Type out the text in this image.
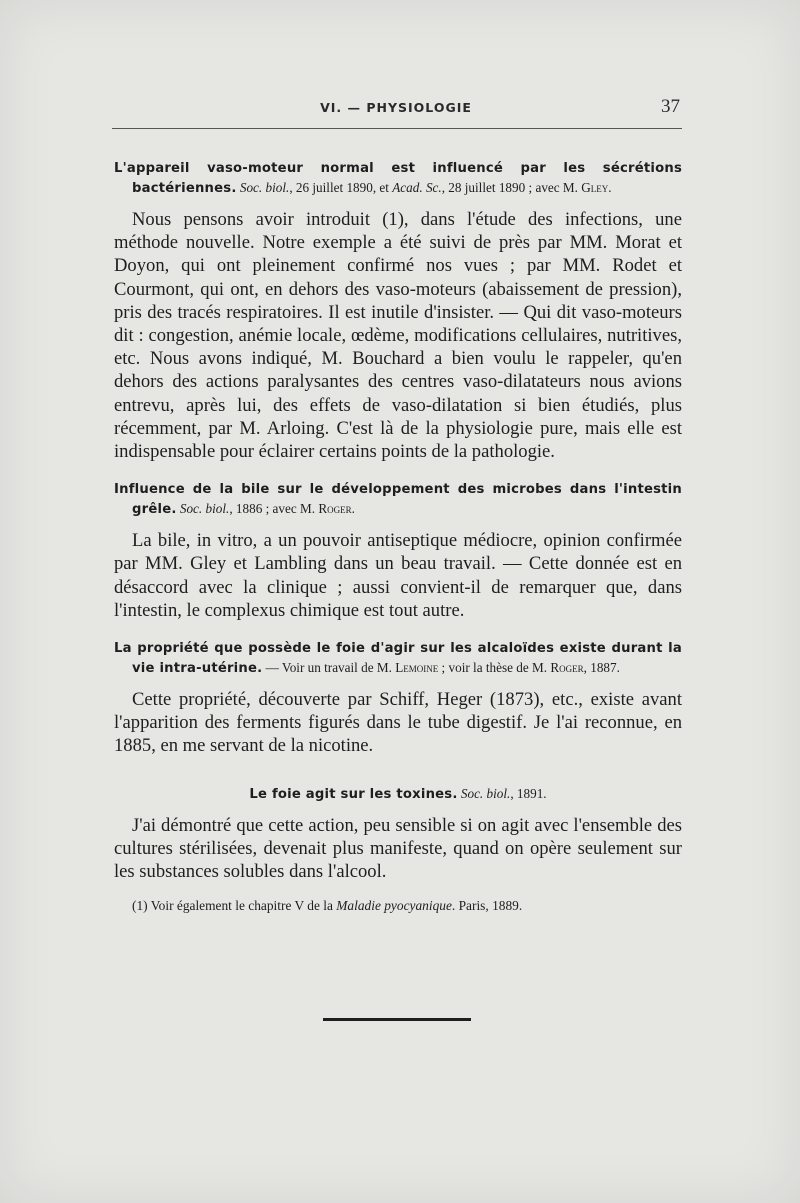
VI. — PHYSIOLOGIE	37

L'appareil vaso-moteur normal est influencé par les sécrétions bactériennes. Soc. biol., 26 juillet 1890, et Acad. Sc., 28 juillet 1890 ; avec M. Gley.

Nous pensons avoir introduit (1), dans l'étude des infections, une méthode nouvelle. Notre exemple a été suivi de près par MM. Morat et Doyon, qui ont pleinement confirmé nos vues ; par MM. Rodet et Courmont, qui ont, en dehors des vaso-moteurs (abaissement de pression), pris des tracés respiratoires. Il est inutile d'insister. — Qui dit vaso-moteurs dit : congestion, anémie locale, œdème, modifications cellulaires, nutritives, etc. Nous avons indiqué, M. Bouchard a bien voulu le rappeler, qu'en dehors des actions paralysantes des centres vaso-dilatateurs nous avions entrevu, après lui, des effets de vaso-dilatation si bien étudiés, plus récemment, par M. Arloing. C'est là de la physiologie pure, mais elle est indispensable pour éclairer certains points de la pathologie.

Influence de la bile sur le développement des microbes dans l'intestin grêle. Soc. biol., 1886 ; avec M. Roger.

La bile, in vitro, a un pouvoir antiseptique médiocre, opinion confirmée par MM. Gley et Lambling dans un beau travail. — Cette donnée est en désaccord avec la clinique ; aussi convient-il de remarquer que, dans l'intestin, le complexus chimique est tout autre.

La propriété que possède le foie d'agir sur les alcaloïdes existe durant la vie intra-utérine. — Voir un travail de M. Lemoine ; voir la thèse de M. Roger, 1887.

Cette propriété, découverte par Schiff, Heger (1873), etc., existe avant l'apparition des ferments figurés dans le tube digestif. Je l'ai reconnue, en 1885, en me servant de la nicotine.

Le foie agit sur les toxines. Soc. biol., 1891.

J'ai démontré que cette action, peu sensible si on agit avec l'ensemble des cultures stérilisées, devenait plus manifeste, quand on opère seulement sur les substances solubles dans l'alcool.

(1) Voir également le chapitre V de la Maladie pyocyanique. Paris, 1889.
